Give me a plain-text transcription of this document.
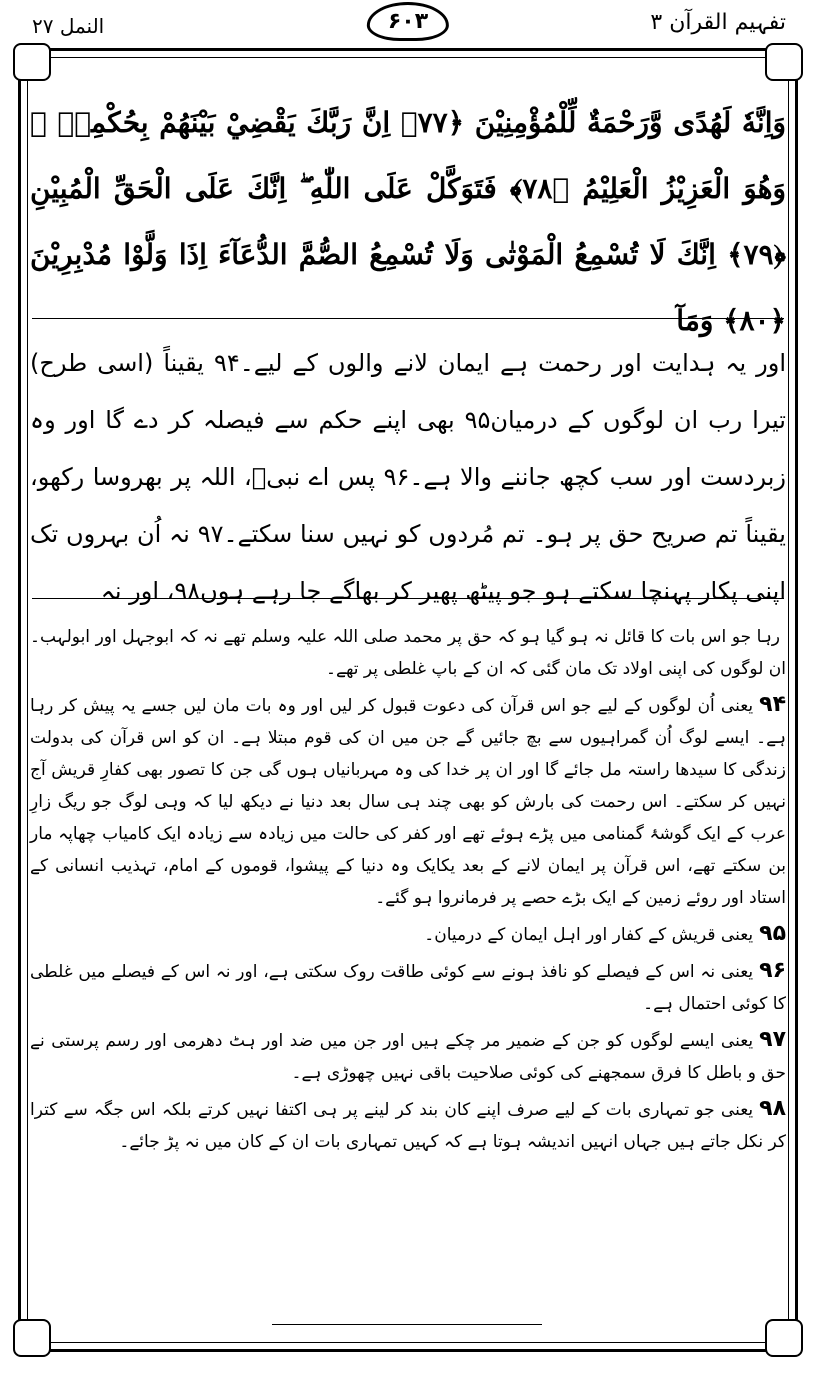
النمل ۲۷	۶۰۳	تفہیم القرآن ۳
وَاِنَّهٗ لَهُدًى وَّرَحْمَةٌ لِّلْمُؤْمِنِيْنَ ﴿٧٧﴾ اِنَّ رَبَّكَ يَقْضِيْ بَيْنَهُمْ بِحُكْمِهٖ ۚ وَهُوَ الْعَزِيْزُ الْعَلِيْمُ ﴿٧٨﴾ فَتَوَكَّلْ عَلَى اللّٰهِ ۖ اِنَّكَ عَلَى الْحَقِّ الْمُبِيْنِ ﴿٧٩﴾ اِنَّكَ لَا تُسْمِعُ الْمَوْتٰى وَلَا تُسْمِعُ الصُّمَّ الدُّعَآءَ اِذَا وَلَّوْا مُدْبِرِيْنَ ﴿٨٠﴾ وَمَآ
اور یہ ہدایت اور رحمت ہے ایمان لانے والوں کے لیے۔۹۴ یقیناً (اسی طرح) تیرا رب ان لوگوں کے درمیان۹۵ بھی اپنے حکم سے فیصلہ کر دے گا اور وہ زبردست اور سب کچھ جاننے والا ہے۔۹۶ پس اے نبیؐ، اللہ پر بھروسا رکھو، یقیناً تم صریح حق پر ہو۔ تم مُردوں کو نہیں سنا سکتے۔۹۷ نہ اُن بہروں تک اپنی پکار پہنچا سکتے ہو جو پیٹھ پھیر کر بھاگے جا رہے ہوں۹۸، اور نہ

رہا جو اس بات کا قائل نہ ہو گیا ہو کہ حق پر محمد صلی اللہ علیہ وسلم تھے نہ کہ ابوجہل اور ابولہب۔ ان لوگوں کی اپنی اولاد تک مان گئی کہ ان کے باپ غلطی پر تھے۔

۹۴یعنی اُن لوگوں کے لیے جو اس قرآن کی دعوت قبول کر لیں اور وہ بات مان لیں جسے یہ پیش کر رہا ہے۔ ایسے لوگ اُن گمراہیوں سے بچ جائیں گے جن میں ان کی قوم مبتلا ہے۔ ان کو اس قرآن کی بدولت زندگی کا سیدھا راستہ مل جائے گا اور ان پر خدا کی وہ مہربانیاں ہوں گی جن کا تصور بھی کفارِ قریش آج نہیں کر سکتے۔ اس رحمت کی بارش کو بھی چند ہی سال بعد دنیا نے دیکھ لیا کہ وہی لوگ جو ریگ زارِ عرب کے ایک گوشۂ گمنامی میں پڑے ہوئے تھے اور کفر کی حالت میں زیادہ سے زیادہ ایک کامیاب چھاپہ مار بن سکتے تھے، اس قرآن پر ایمان لانے کے بعد یکایک وہ دنیا کے پیشوا، قوموں کے امام، تہذیب انسانی کے استاد اور روئے زمین کے ایک بڑے حصے پر فرمانروا ہو گئے۔

۹۵یعنی قریش کے کفار اور اہل ایمان کے درمیان۔

۹۶یعنی نہ اس کے فیصلے کو نافذ ہونے سے کوئی طاقت روک سکتی ہے، اور نہ اس کے فیصلے میں غلطی کا کوئی احتمال ہے۔

۹۷یعنی ایسے لوگوں کو جن کے ضمیر مر چکے ہیں اور جن میں ضد اور ہٹ دھرمی اور رسم پرستی نے حق و باطل کا فرق سمجھنے کی کوئی صلاحیت باقی نہیں چھوڑی ہے۔

۹۸یعنی جو تمہاری بات کے لیے صرف اپنے کان بند کر لینے پر ہی اکتفا نہیں کرتے بلکہ اس جگہ سے کترا کر نکل جاتے ہیں جہاں انہیں اندیشہ ہوتا ہے کہ کہیں تمہاری بات ان کے کان میں نہ پڑ جائے۔
